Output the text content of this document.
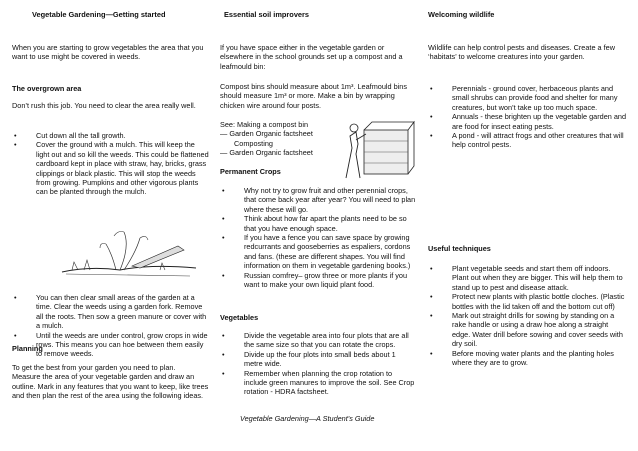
Vegetable Gardening—Getting started

When you are starting to grow vegetables the area that you want to use might be covered in weeds.

The overgrown area

Don’t rush this job. You need to clear the area really well.

• Cut down all the tall growth.
• Cover the ground with a mulch. This will keep the light out and so kill the weeds. This could be flattened cardboard kept in place with straw, hay, bricks, grass clippings or black plastic. This will stop the weeds from growing. Pumpkins and other vigorous plants can be planted through the mulch.
• You can then clear small areas of the garden at a time. Clear the weeds using a garden fork. Remove all the roots. Then sow a green manure or cover with a mulch.
• Until the weeds are under control, grow crops in wide rows. This means you can hoe between them easily to remove weeds.

Planning

To get the best from your garden you need to plan.
Measure the area of your vegetable garden and draw an outline. Mark in any features that you want to keep, like trees and then plan the rest of the area using the following ideas.

Essential soil improvers

If you have space either in the vegetable garden or elsewhere in the school grounds set up a compost and a leafmould bin:

Compost bins should measure about 1m³. Leafmould bins should measure 1m³ or more. Make a bin by wrapping chicken wire around four posts.

See: Making a compost bin
— Garden Organic factsheet
Composting
— Garden Organic factsheet

Permanent Crops

• Why not try to grow fruit and other perennial crops, that come back year after year? You will need to plan where these will go.
• Think about how far apart the plants need to be so that you have enough space.
• If you have a fence you can save space by growing redcurrants and gooseberries as espaliers, cordons and fans. (these are different shapes. You will find information on them in vegetable gardening books.)
• Russian comfrey– grow three or more plants if you want to make your own liquid plant food.

Vegetables

• Divide the vegetable area into four plots that are all the same size so that you can rotate the crops.
• Divide up the four plots into small beds about 1 metre wide.
• Remember when planning the crop rotation to include green manures to improve the soil. See Crop rotation - HDRA factsheet.

Vegetable Gardening—A Student’s Guide

Welcoming wildlife

Wildlife can help control pests and diseases. Create a few ‘habitats’ to welcome creatures into your garden.

• Perennials - ground cover, herbaceous plants and small shrubs can provide food and shelter for many creatures, but won’t take up too much space.
• Annuals - these brighten up the vegetable garden and are food for insect eating pests.
• A pond - will attract frogs and other creatures that will help control pests.

Useful techniques

• Plant vegetable seeds and start them off indoors. Plant out when they are bigger. This will help them to stand up to pest and disease attack.
• Protect new plants with plastic bottle cloches. (Plastic bottles with the lid taken off and the bottom cut off)
• Mark out straight drills for sowing by standing on a rake handle or using a draw hoe along a straight edge. Water drill before sowing and cover seeds with dry soil.
• Before moving water plants and the planting holes where they are to grow.
